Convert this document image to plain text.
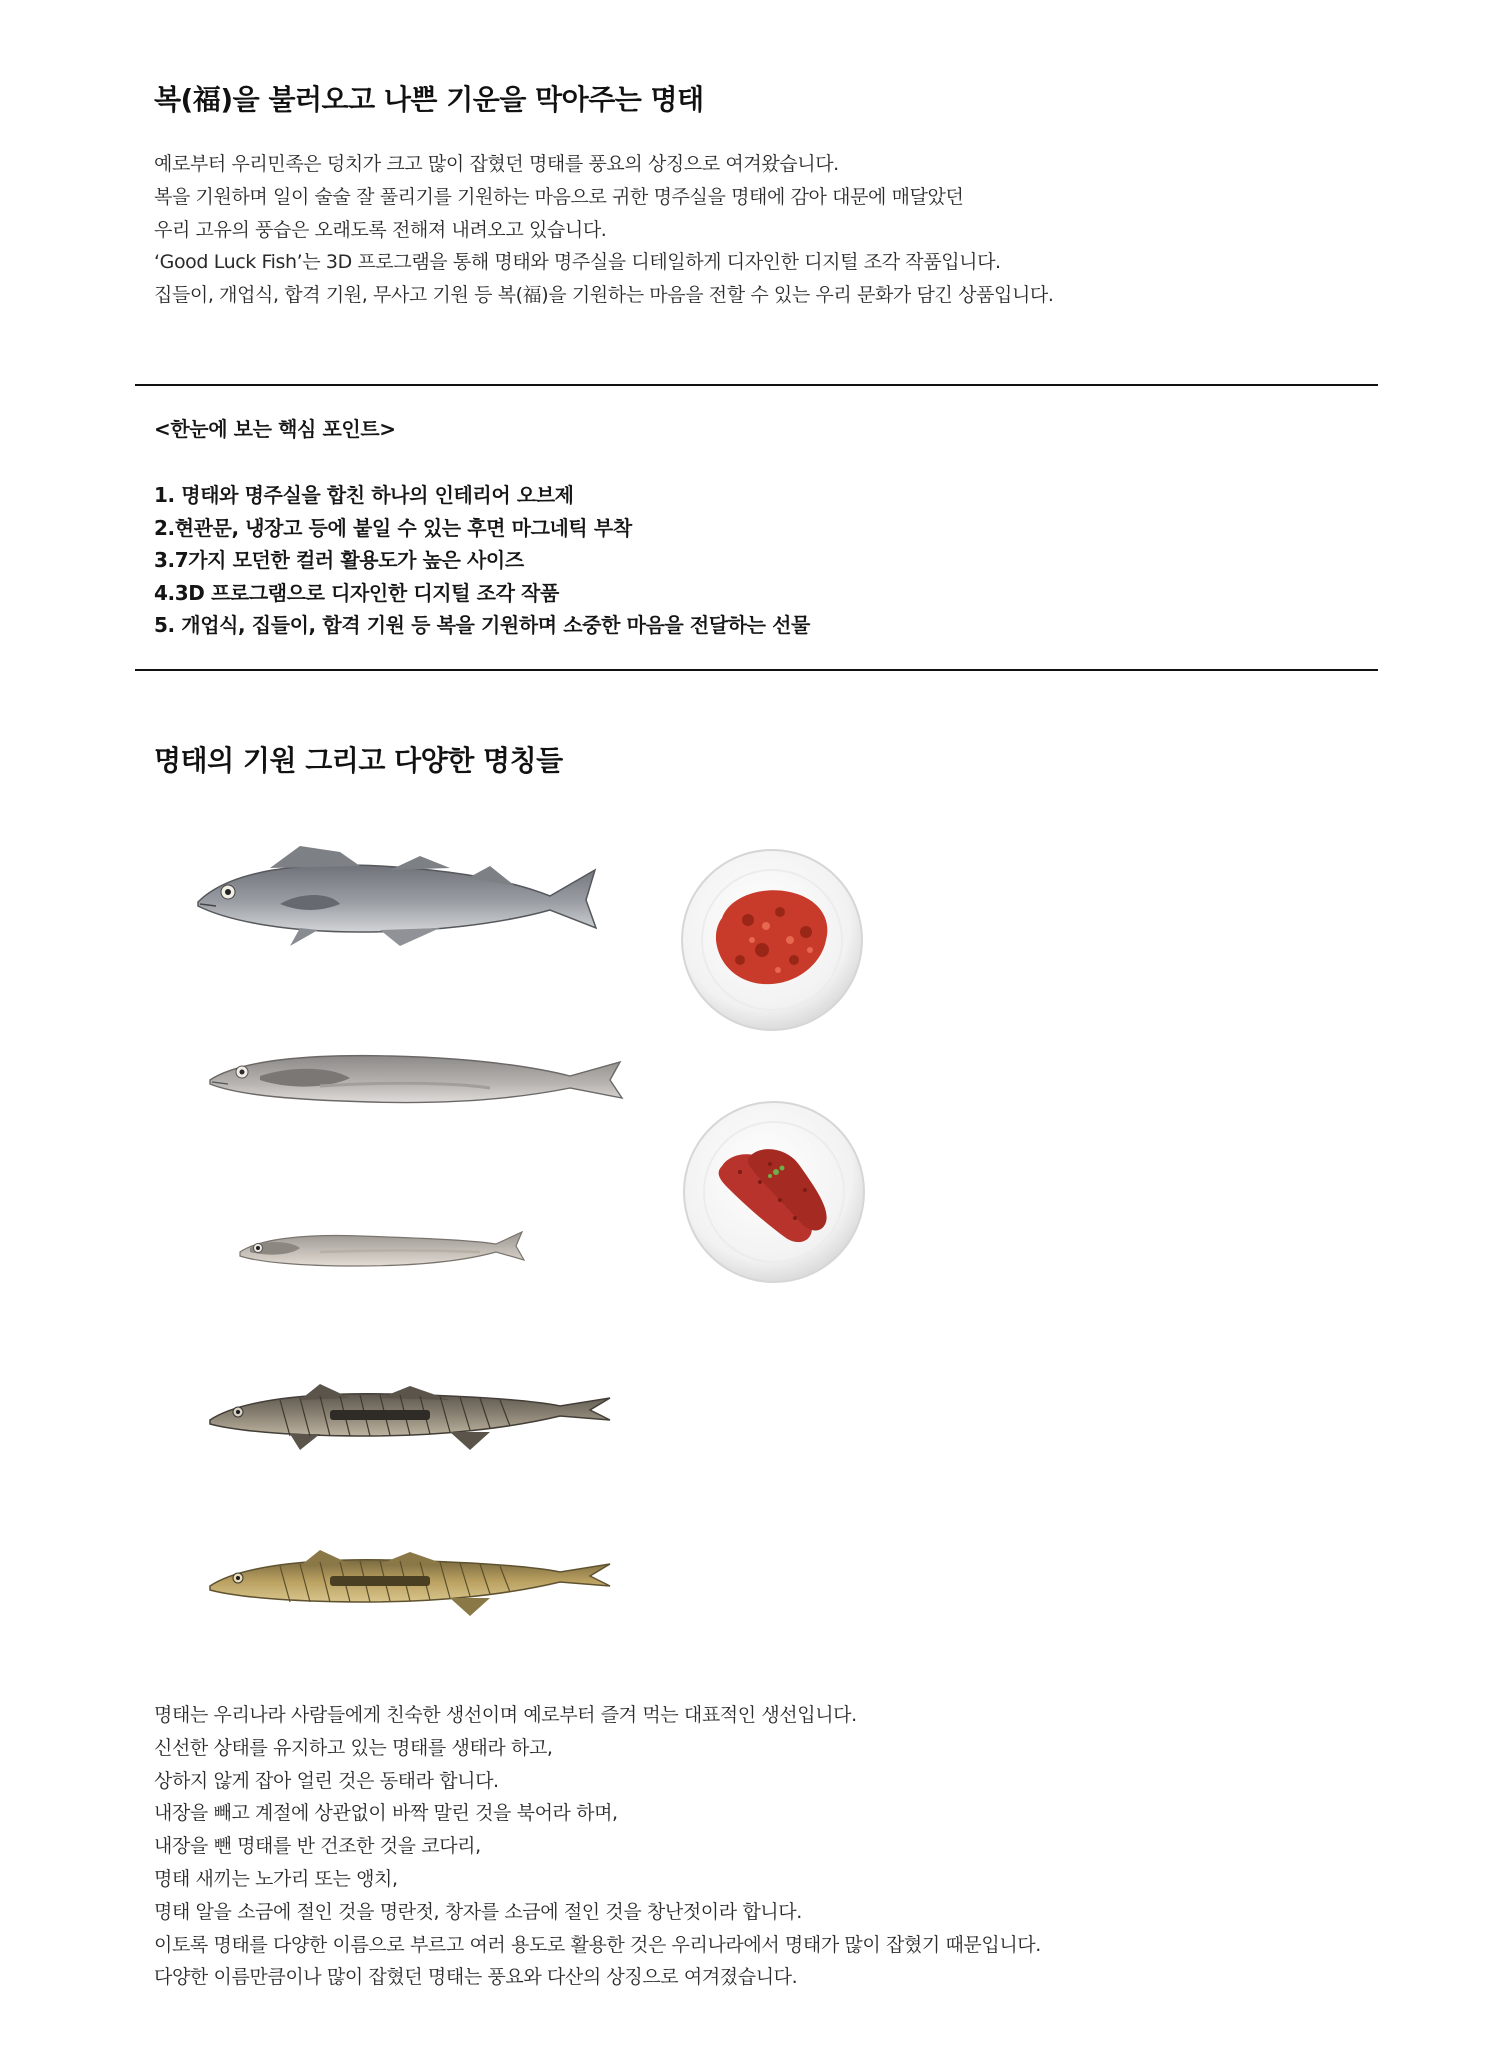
복(福)을 불러오고 나쁜 기운을 막아주는 명태
예로부터 우리민족은 덩치가 크고 많이 잡혔던 명태를 풍요의 상징으로 여겨왔습니다.
복을 기원하며 일이 술술 잘 풀리기를 기원하는 마음으로 귀한 명주실을 명태에 감아 대문에 매달았던
우리 고유의 풍습은 오래도록 전해져 내려오고 있습니다.
‘Good Luck Fish’는 3D 프로그램을 통해 명태와 명주실을 디테일하게 디자인한 디지털 조각 작품입니다.
집들이, 개업식, 합격 기원, 무사고 기원 등 복(福)을 기원하는 마음을 전할 수 있는 우리 문화가 담긴 상품입니다.
<한눈에 보는 핵심 포인트>
1. 명태와 명주실을 합친 하나의 인테리어 오브제
2.현관문, 냉장고 등에 붙일 수 있는 후면 마그네틱 부착
3.7가지 모던한 컬러 활용도가 높은 사이즈
4.3D 프로그램으로 디자인한 디지털 조각 작품
5. 개업식, 집들이, 합격 기원 등 복을 기원하며 소중한 마음을 전달하는 선물
명태의 기원 그리고 다양한 명칭들
명태는 우리나라 사람들에게 친숙한 생선이며 예로부터 즐겨 먹는 대표적인 생선입니다.
신선한 상태를 유지하고 있는 명태를 생태라 하고,
상하지 않게 잡아 얼린 것은 동태라 합니다.
내장을 빼고 계절에 상관없이 바짝 말린 것을 북어라 하며,
내장을 뺀 명태를 반 건조한 것을 코다리,
명태 새끼는 노가리 또는 앵치,
명태 알을 소금에 절인 것을 명란젓, 창자를 소금에 절인 것을 창난젓이라 합니다.
이토록 명태를 다양한 이름으로 부르고 여러 용도로 활용한 것은 우리나라에서 명태가 많이 잡혔기 때문입니다.
다양한 이름만큼이나 많이 잡혔던 명태는 풍요와 다산의 상징으로 여겨졌습니다.
